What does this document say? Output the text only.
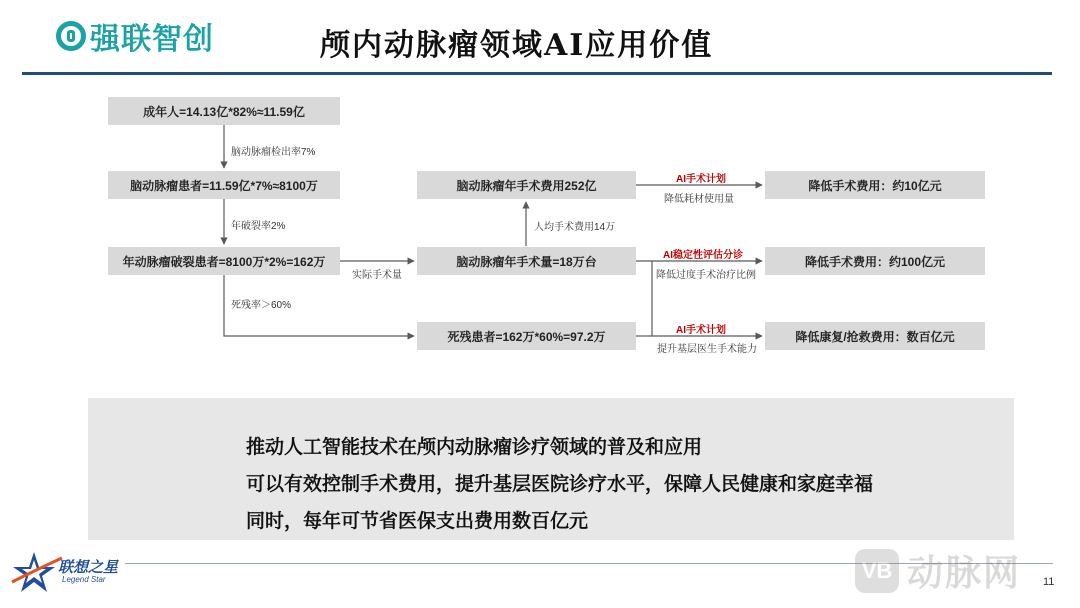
强联智创	颅内动脉瘤领域AI应用价值
成年人=14.13亿*82%≈11.59亿
脑动脉瘤患者=11.59亿*7%≈8100万
年动脉瘤破裂患者=8100万*2%=162万
脑动脉瘤年手术费用252亿
脑动脉瘤年手术量=18万台
死残患者=162万*60%=97.2万
降低手术费用：约10亿元
降低手术费用：约100亿元
降低康复/抢救费用：数百亿元
脑动脉瘤检出率7%
年破裂率2%
死残率＞60%
实际手术量
人均手术费用14万
AI手术计划
降低耗材使用量
AI稳定性评估分诊
降低过度手术治疗比例
AI手术计划
提升基层医生手术能力
推动人工智能技术在颅内动脉瘤诊疗领域的普及和应用
可以有效控制手术费用，提升基层医院诊疗水平，保障人民健康和家庭幸福
同时，每年可节省医保支出费用数百亿元
联想之星
Legend Star	VB 动脉网 11
